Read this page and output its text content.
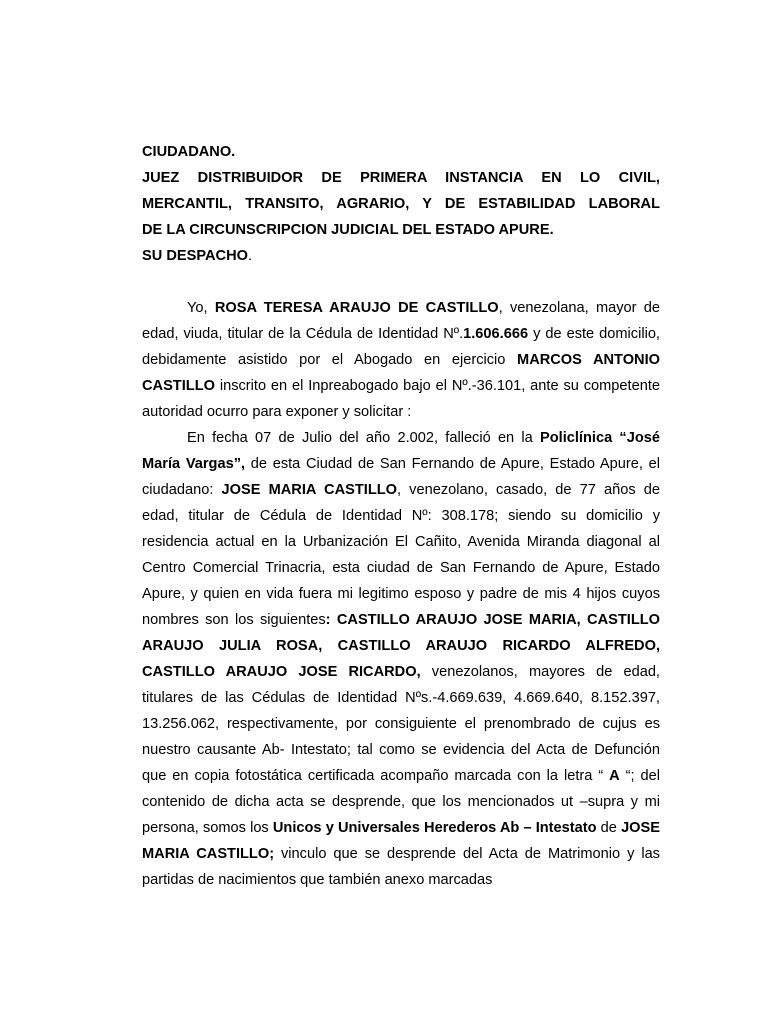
CIUDADANO.
JUEZ DISTRIBUIDOR DE PRIMERA INSTANCIA EN LO CIVIL,
MERCANTIL, TRANSITO, AGRARIO, Y DE ESTABILIDAD LABORAL
DE LA CIRCUNSCRIPCION JUDICIAL DEL ESTADO APURE.
SU DESPACHO.

Yo, ROSA TERESA ARAUJO DE CASTILLO, venezolana, mayor de edad, viuda, titular de la Cédula de Identidad Nº.1.606.666 y de este domicilio, debidamente asistido por el Abogado en ejercicio MARCOS ANTONIO CASTILLO inscrito en el Inpreabogado bajo el Nº.-36.101, ante su competente autoridad ocurro para exponer y solicitar :

En fecha 07 de Julio del año 2.002, falleció en la Policlínica “José María Vargas”, de esta Ciudad de San Fernando de Apure, Estado Apure, el ciudadano: JOSE MARIA CASTILLO, venezolano, casado, de 77 años de edad, titular de Cédula de Identidad Nº: 308.178; siendo su domicilio y residencia actual en la Urbanización El Cañito, Avenida Miranda diagonal al Centro Comercial Trinacria, esta ciudad de San Fernando de Apure, Estado Apure, y quien en vida fuera mi legitimo esposo y padre de mis 4 hijos cuyos nombres son los siguientes: CASTILLO ARAUJO JOSE MARIA, CASTILLO ARAUJO JULIA ROSA, CASTILLO ARAUJO RICARDO ALFREDO, CASTILLO ARAUJO JOSE RICARDO, venezolanos, mayores de edad, titulares de las Cédulas de Identidad Nºs.-4.669.639, 4.669.640, 8.152.397, 13.256.062, respectivamente, por consiguiente el prenombrado de cujus es nuestro causante Ab- Intestato; tal como se evidencia del Acta de Defunción que en copia fotostática certificada acompaño marcada con la letra “ A “; del contenido de dicha acta se desprende, que los mencionados ut –supra y mi persona, somos los Unicos y Universales Herederos Ab – Intestato de JOSE MARIA CASTILLO; vinculo que se desprende del Acta de Matrimonio y las partidas de nacimientos que también anexo marcadas
